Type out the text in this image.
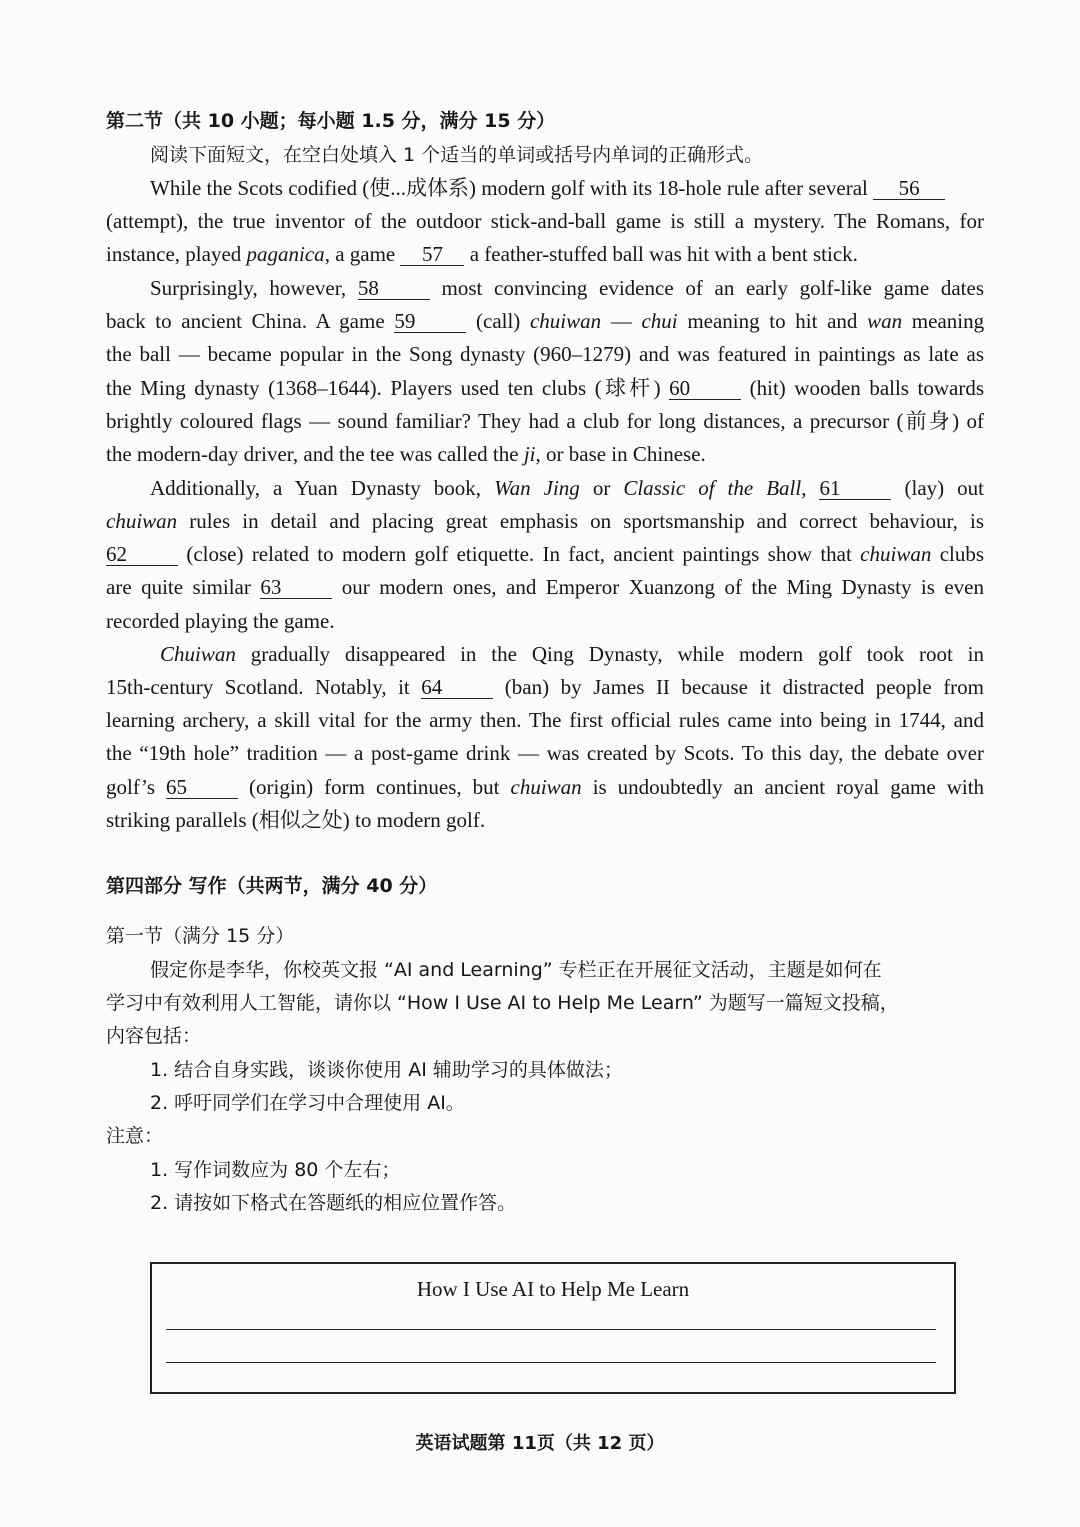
第二节（共 10 小题；每小题 1.5 分，满分 15 分）
阅读下面短文，在空白处填入 1 个适当的单词或括号内单词的正确形式。
While the Scots codified (使...成体系) modern golf with its 18-hole rule after several 56
(attempt), the true inventor of the outdoor stick-and-ball game is still a mystery. The Romans, for
instance, played paganica, a game 57 a feather-stuffed ball was hit with a bent stick.
Surprisingly, however, 58	most convincing evidence of an early golf-like game dates
back to ancient China. A game 59	(call) chuiwan — chui meaning to hit and wan meaning
the ball — became popular in the Song dynasty (960–1279) and was featured in paintings as late as
the Ming dynasty (1368–1644). Players used ten clubs (球杆) 60	(hit) wooden balls towards
brightly coloured flags — sound familiar? They had a club for long distances, a precursor (前身) of
the modern-day driver, and the tee was called the ji, or base in Chinese.
Additionally, a Yuan Dynasty book, Wan Jing or Classic of the Ball, 61	(lay) out
chuiwan rules in detail and placing great emphasis on sportsmanship and correct behaviour, is
62	(close) related to modern golf etiquette. In fact, ancient paintings show that chuiwan clubs
are quite similar 63	our modern ones, and Emperor Xuanzong of the Ming Dynasty is even
recorded playing the game.
Chuiwan gradually disappeared in the Qing Dynasty, while modern golf took root in
15th-century Scotland. Notably, it 64	(ban) by James II because it distracted people from
learning archery, a skill vital for the army then. The first official rules came into being in 1744, and
the “19th hole” tradition — a post-game drink — was created by Scots. To this day, the debate over
golf’s 65	(origin) form continues, but chuiwan is undoubtedly an ancient royal game with
striking parallels (相似之处) to modern golf.
第四部分 写作（共两节，满分 40 分）
第一节（满分 15 分）
假定你是李华，你校英文报 “AI and Learning” 专栏正在开展征文活动，主题是如何在
学习中有效利用人工智能，请你以 “How I Use AI to Help Me Learn” 为题写一篇短文投稿，
内容包括：
1. 结合自身实践，谈谈你使用 AI 辅助学习的具体做法；
2. 呼吁同学们在学习中合理使用 AI。
注意：
1. 写作词数应为 80 个左右；
2. 请按如下格式在答题纸的相应位置作答。
How I Use AI to Help Me Learn
英语试题第 11页（共 12 页）
